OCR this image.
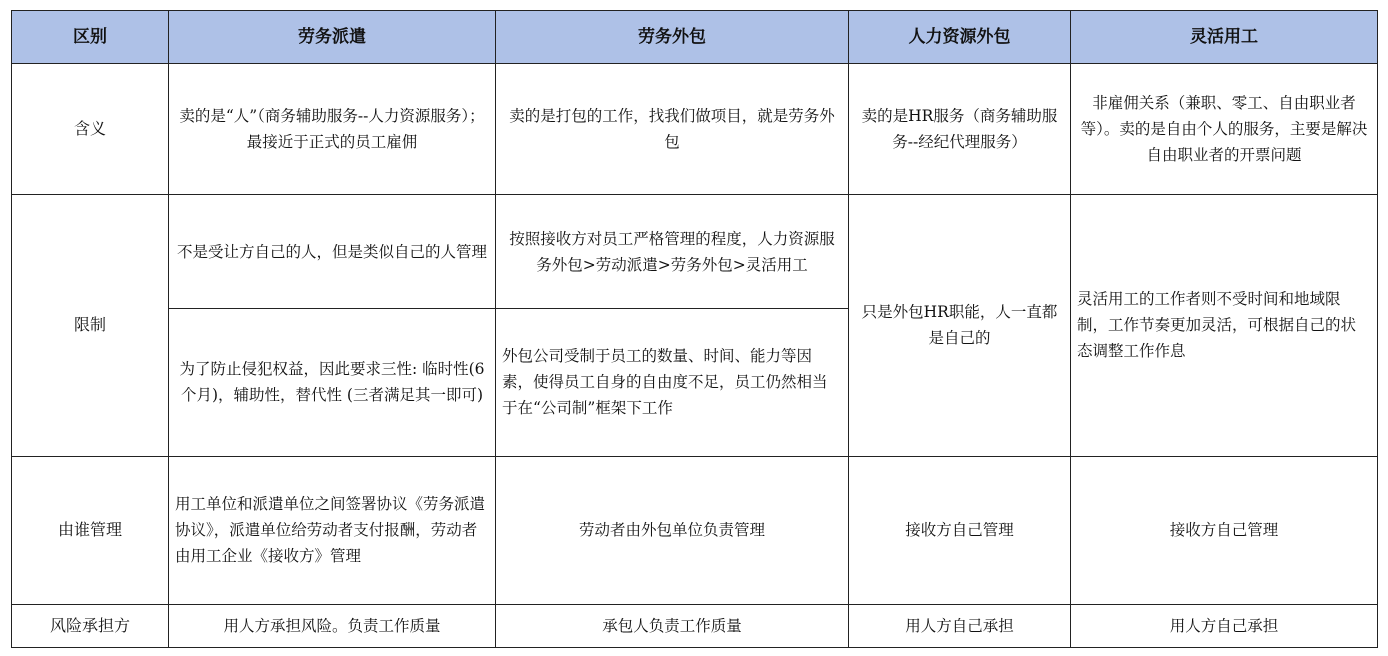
区别	劳务派遣	劳务外包	人力资源外包	灵活用工
含义	卖的是“人”（商务辅助服务--人力资源服务）；最接近于正式的员工雇佣	卖的是打包的工作，找我们做项目，就是劳务外包	卖的是HR服务（商务辅助服务--经纪代理服务）	非雇佣关系（兼职、零工、自由职业者等）。卖的是自由个人的服务，主要是解决自由职业者的开票问题
限制	不是受让方自己的人，但是类似自己的人管理	按照接收方对员工严格管理的程度，人力资源服务外包>劳动派遣>劳务外包>灵活用工	只是外包HR职能，人一直都是自己的	灵活用工的工作者则不受时间和地域限制，工作节奏更加灵活，可根据自己的状态调整工作作息
	为了防止侵犯权益，因此要求三性: 临时性(6个月)，辅助性，替代性 (三者满足其一即可)	外包公司受制于员工的数量、时间、能力等因素，使得员工自身的自由度不足，员工仍然相当于在“公司制”框架下工作		
由谁管理	用工单位和派遣单位之间签署协议《劳务派遣协议》，派遣单位给劳动者支付报酬，劳动者由用工企业《接收方》管理	劳动者由外包单位负责管理	接收方自己管理	接收方自己管理
风险承担方	用人方承担风险。负责工作质量	承包人负责工作质量	用人方自己承担	用人方自己承担
